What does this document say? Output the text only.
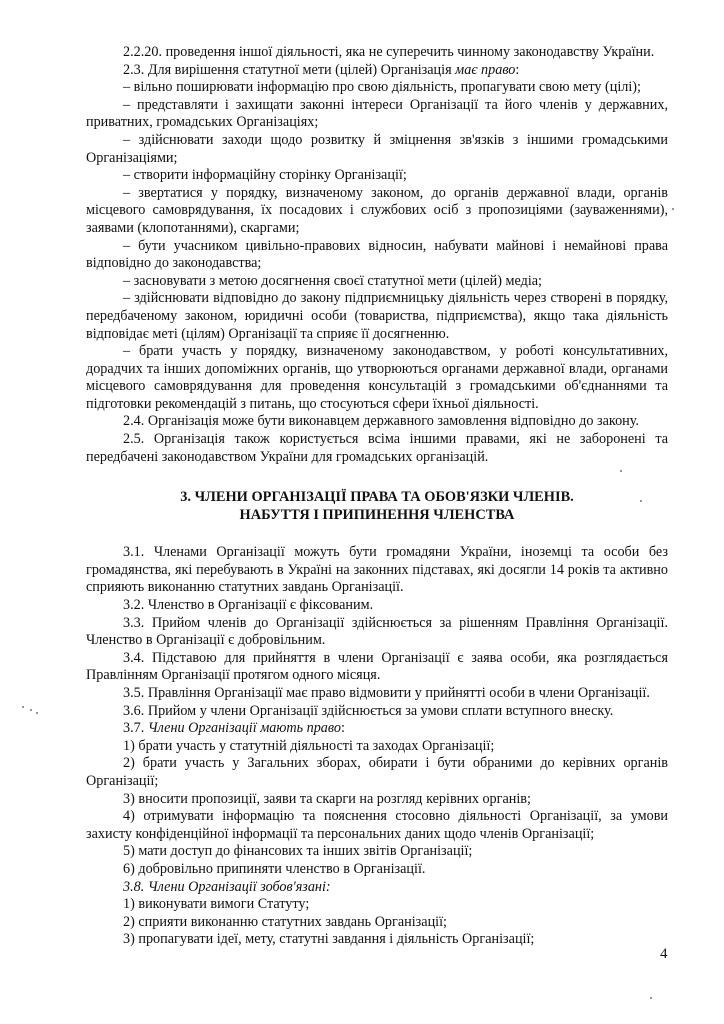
2.2.20. проведення іншої діяльності, яка не суперечить чинному законодавству України.

2.3. Для вирішення статутної мети (цілей) Організація має право:

– вільно поширювати інформацію про свою діяльність, пропагувати свою мету (цілі);

– представляти і захищати законні інтереси Організації та його членів у державних, приватних, громадських Організаціях;

– здійснювати заходи щодо розвитку й зміцнення зв'язків з іншими громадськими Організаціями;

– створити інформаційну сторінку Організації;

– звертатися у порядку, визначеному законом, до органів державної влади, органів місцевого самоврядування, їх посадових і службових осіб з пропозиціями (зауваженнями), заявами (клопотаннями), скаргами;

– бути учасником цивільно-правових відносин, набувати майнові і немайнові права відповідно до законодавства;

– засновувати з метою досягнення своєї статутної мети (цілей) медіа;

– здійснювати відповідно до закону підприємницьку діяльність через створені в порядку, передбаченому законом, юридичні особи (товариства, підприємства), якщо така діяльність відповідає меті (цілям) Організації та сприяє її досягненню.

– брати участь у порядку, визначеному законодавством, у роботі консультативних, дорадчих та інших допоміжних органів, що утворюються органами державної влади, органами місцевого самоврядування для проведення консультацій з громадськими об'єднаннями та підготовки рекомендацій з питань, що стосуються сфери їхньої діяльності.

2.4. Організація може бути виконавцем державного замовлення відповідно до закону.

2.5. Організація також користується всіма іншими правами, які не заборонені та передбачені законодавством України для громадських організацій.

3. ЧЛЕНИ ОРГАНІЗАЦІЇ ПРАВА ТА ОБОВ'ЯЗКИ ЧЛЕНІВ.
НАБУТТЯ І ПРИПИНЕННЯ ЧЛЕНСТВА

3.1. Членами Організації можуть бути громадяни України, іноземці та особи без громадянства, які перебувають в Україні на законних підставах, які досягли 14 років та активно сприяють виконанню статутних завдань Організації.

3.2. Членство в Організації є фіксованим.

3.3. Прийом членів до Організації здійснюється за рішенням Правління Організації. Членство в Організації є добровільним.

3.4. Підставою для прийняття в члени Організації є заява особи, яка розглядається Правлінням Організації протягом одного місяця.

3.5. Правління Організації має право відмовити у прийнятті особи в члени Організації.

3.6. Прийом у члени Організації здійснюється за умови сплати вступного внеску.

3.7. Члени Організації мають право:

1) брати участь у статутній діяльності та заходах Організації;

2) брати участь у Загальних зборах, обирати і бути обраними до керівних органів Організації;

3) вносити пропозиції, заяви та скарги на розгляд керівних органів;

4) отримувати інформацію та пояснення стосовно діяльності Організації, за умови захисту конфіденційної інформації та персональних даних щодо членів Організації;

5) мати доступ до фінансових та інших звітів Організації;

6) добровільно припиняти членство в Організації.

3.8. Члени Організації зобов'язані:

1) виконувати вимоги Статуту;

2) сприяти виконанню статутних завдань Організації;

3) пропагувати ідеї, мету, статутні завдання і діяльність Організації;

4
